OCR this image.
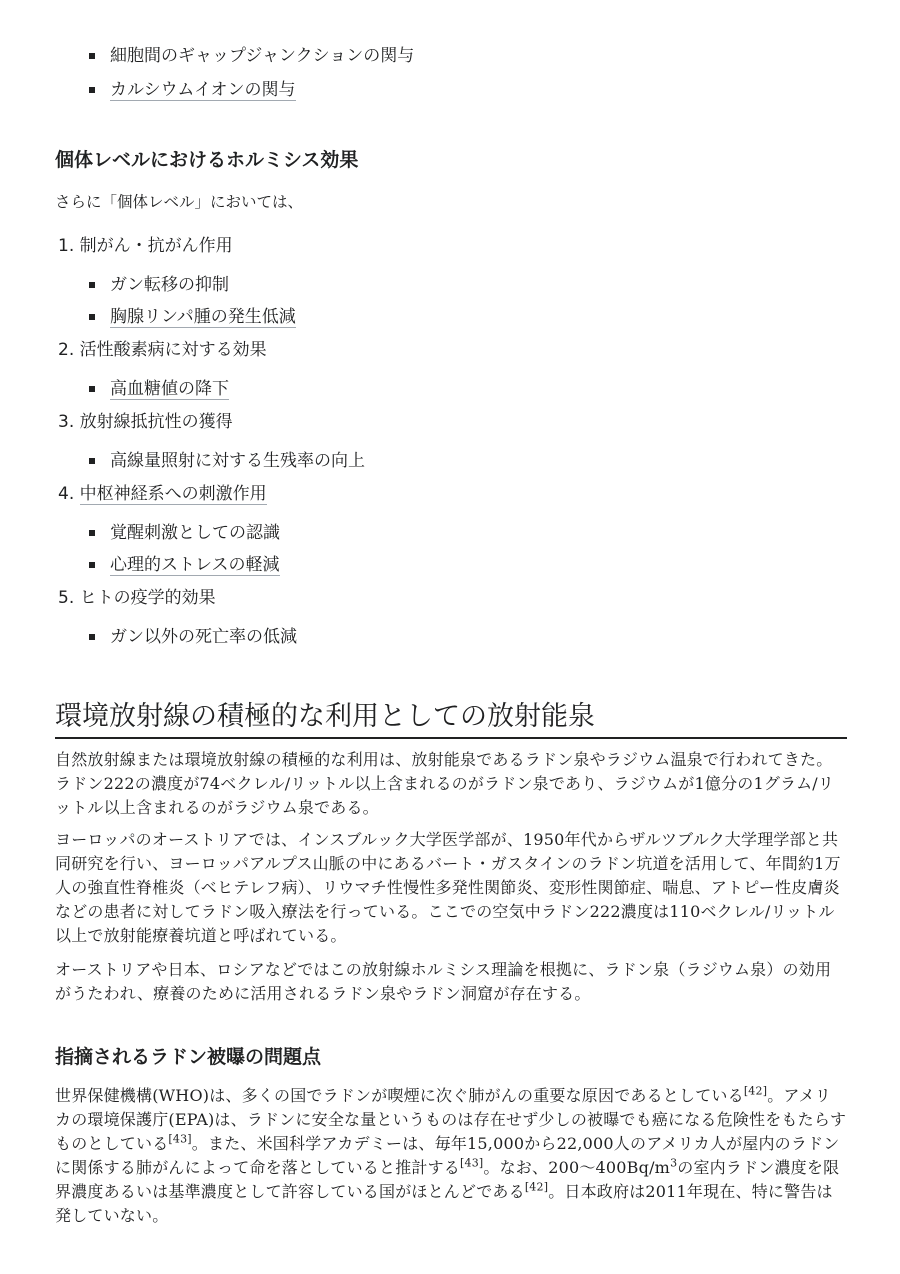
細胞間のギャップジャンクションの関与
カルシウムイオンの関与
個体レベルにおけるホルミシス効果

さらに「個体レベル」においては、

1. 制がん・抗がん作用
ガン転移の抑制
胸腺リンパ腫の発生低減
2. 活性酸素病に対する効果
高血糖値の降下
3. 放射線抵抗性の獲得
高線量照射に対する生残率の向上
4. 中枢神経系への刺激作用
覚醒刺激としての認識
心理的ストレスの軽減
5. ヒトの疫学的効果
ガン以外の死亡率の低減
環境放射線の積極的な利用としての放射能泉

自然放射線または環境放射線の積極的な利用は、放射能泉であるラドン泉やラジウム温泉で行われてきた。ラドン222の濃度が74ベクレル/リットル以上含まれるのがラドン泉であり、ラジウムが1億分の1グラム/リットル以上含まれるのがラジウム泉である。

ヨーロッパのオーストリアでは、インスブルック大学医学部が、1950年代からザルツブルク大学理学部と共同研究を行い、ヨーロッパアルプス山脈の中にあるバート・ガスタインのラドン坑道を活用して、年間約1万人の強直性脊椎炎（ベヒテレフ病）、リウマチ性慢性多発性関節炎、変形性関節症、喘息、アトピー性皮膚炎などの患者に対してラドン吸入療法を行っている。ここでの空気中ラドン222濃度は110ベクレル/リットル以上で放射能療養坑道と呼ばれている。

オーストリアや日本、ロシアなどではこの放射線ホルミシス理論を根拠に、ラドン泉（ラジウム泉）の効用がうたわれ、療養のために活用されるラドン泉やラドン洞窟が存在する。

指摘されるラドン被曝の問題点

世界保健機構(WHO)は、多くの国でラドンが喫煙に次ぐ肺がんの重要な原因であるとしている[42]。アメリカの環境保護庁(EPA)は、ラドンに安全な量というものは存在せず少しの被曝でも癌になる危険性をもたらすものとしている[43]。また、米国科学アカデミーは、毎年15,000から22,000人のアメリカ人が屋内のラドンに関係する肺がんによって命を落としていると推計する[43]。なお、200〜$400Bq/m^3$の室内ラドン濃度を限界濃度あるいは基準濃度として許容している国がほとんどである[42]。日本政府は2011年現在、特に警告は発していない。
